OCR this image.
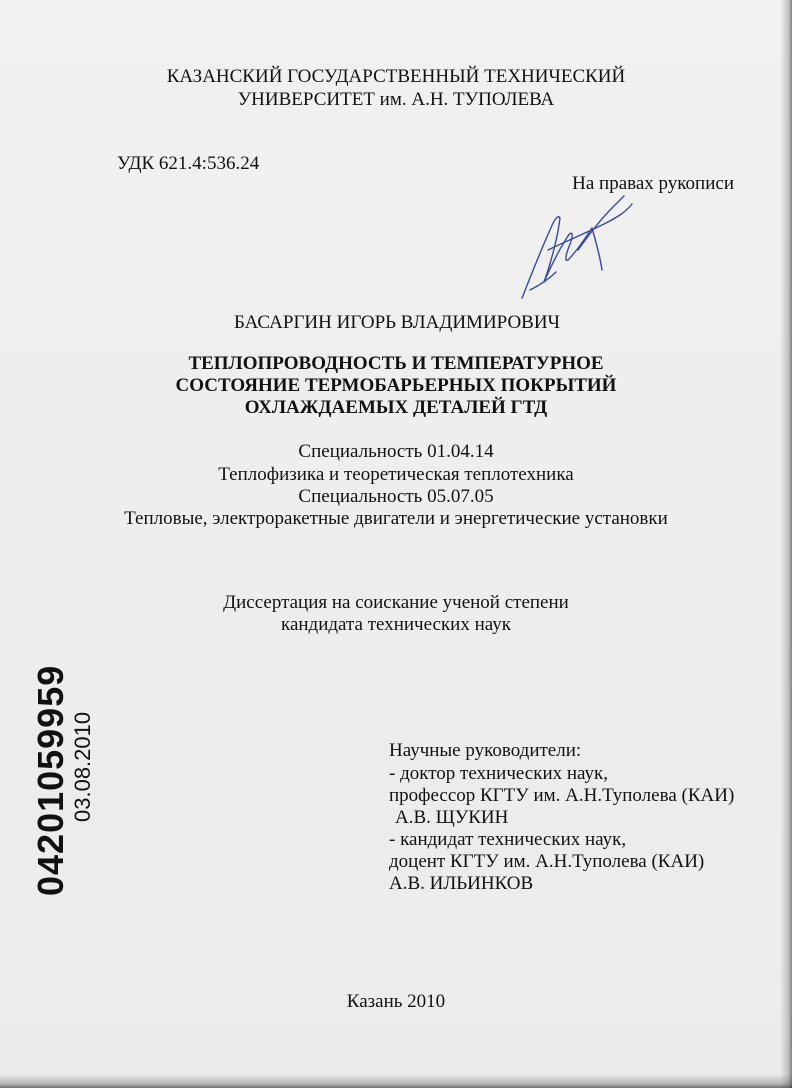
КАЗАНСКИЙ ГОСУДАРСТВЕННЫЙ ТЕХНИЧЕСКИЙ
УНИВЕРСИТЕТ им. А.Н. ТУПОЛЕВА
УДК 621.4:536.24
На правах рукописи
БАСАРГИН ИГОРЬ ВЛАДИМИРОВИЧ
ТЕПЛОПРОВОДНОСТЬ И ТЕМПЕРАТУРНОЕ
СОСТОЯНИЕ ТЕРМОБАРЬЕРНЫХ ПОКРЫТИЙ
ОХЛАЖДАЕМЫХ ДЕТАЛЕЙ ГТД
Специальность 01.04.14
Теплофизика и теоретическая теплотехника
Специальность 05.07.05
Тепловые, электроракетные двигатели и энергетические установки
Диссертация на соискание ученой степени
кандидата технических наук
Научные руководители:
- доктор технических наук,
профессор КГТУ им. А.Н.Туполева (КАИ)
А.В. ЩУКИН
- кандидат технических наук,
доцент КГТУ им. А.Н.Туполева (КАИ)
А.В. ИЛЬИНКОВ
04201059959 03.08.2010
Казань 2010
